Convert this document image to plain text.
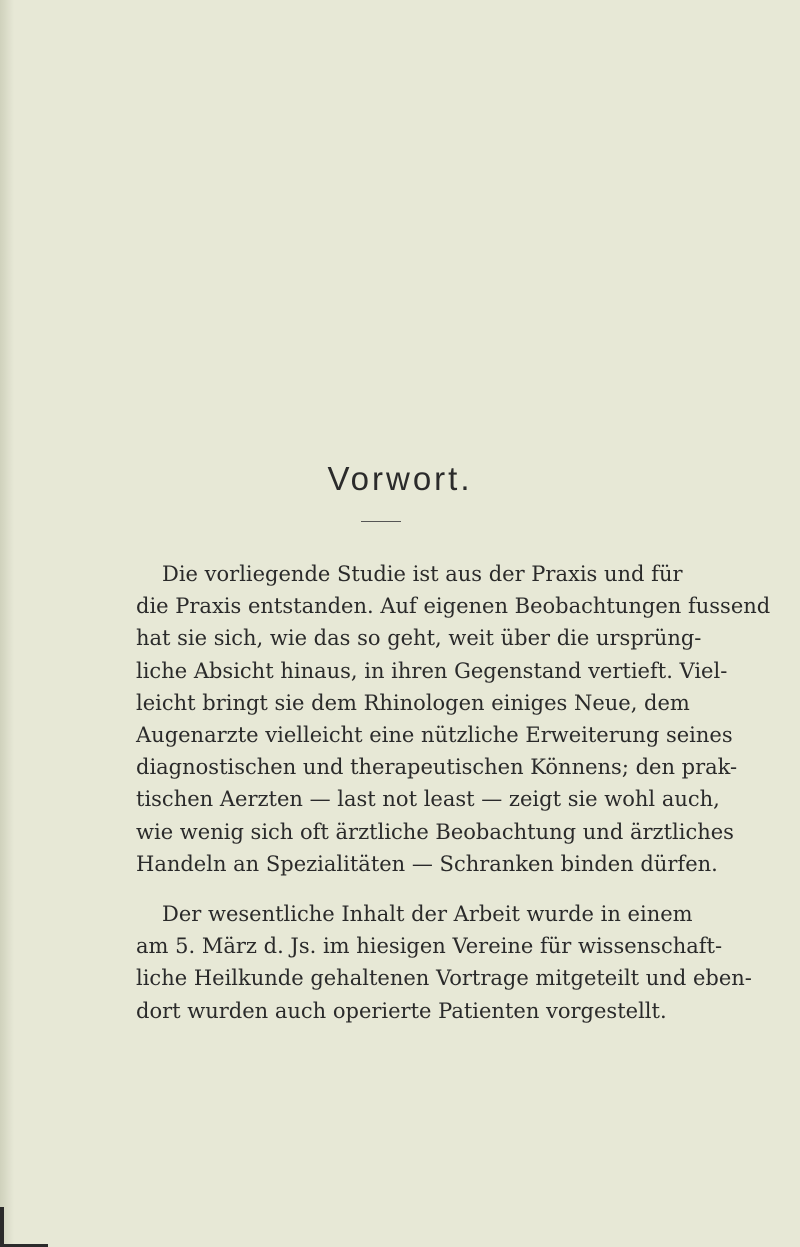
Vorwort.

Die vorliegende Studie ist aus der Praxis und für
die Praxis entstanden. Auf eigenen Beobachtungen fussend
hat sie sich, wie das so geht, weit über die ursprüng-
liche Absicht hinaus, in ihren Gegenstand vertieft. Viel-
leicht bringt sie dem Rhinologen einiges Neue, dem
Augenarzte vielleicht eine nützliche Erweiterung seines
diagnostischen und therapeutischen Könnens; den prak-
tischen Aerzten — last not least — zeigt sie wohl auch,
wie wenig sich oft ärztliche Beobachtung und ärztliches
Handeln an Spezialitäten — Schranken binden dürfen.

Der wesentliche Inhalt der Arbeit wurde in einem
am 5. März d. Js. im hiesigen Vereine für wissenschaft-
liche Heilkunde gehaltenen Vortrage mitgeteilt und eben-
dort wurden auch operierte Patienten vorgestellt.
